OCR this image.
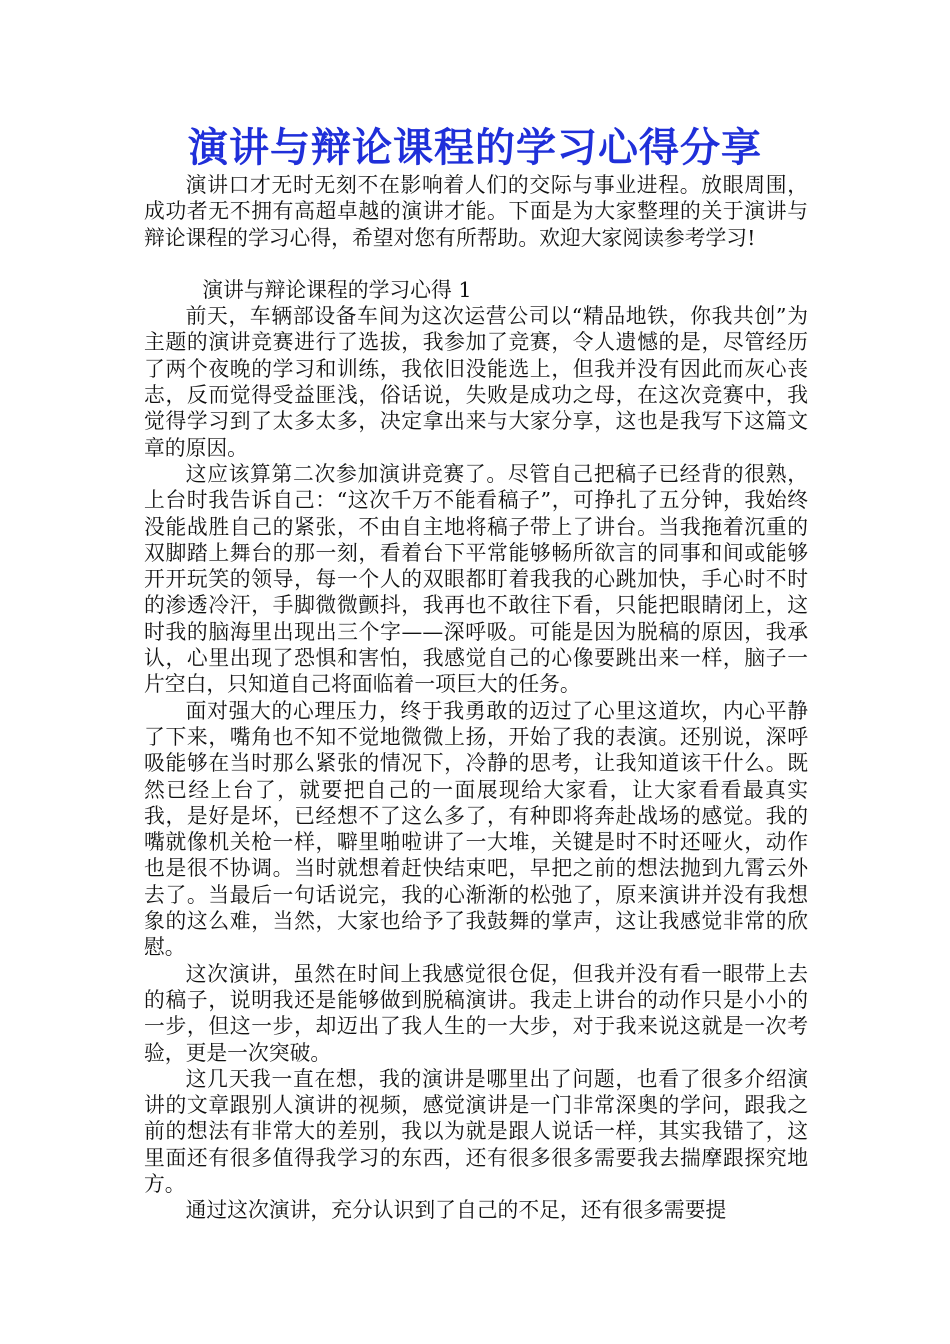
演讲与辩论课程的学习心得分享

演讲口才无时无刻不在影响着人们的交际与事业进程。放眼周围，成功者无不拥有高超卓越的演讲才能。下面是为大家整理的关于演讲与辩论课程的学习心得，希望对您有所帮助。欢迎大家阅读参考学习!

演讲与辩论课程的学习心得 1

前天，车辆部设备车间为这次运营公司以“精品地铁，你我共创”为主题的演讲竞赛进行了选拔，我参加了竞赛，令人遗憾的是，尽管经历了两个夜晚的学习和训练，我依旧没能选上，但我并没有因此而灰心丧志，反而觉得受益匪浅，俗话说，失败是成功之母，在这次竞赛中，我觉得学习到了太多太多，决定拿出来与大家分享，这也是我写下这篇文章的原因。

这应该算第二次参加演讲竞赛了。尽管自己把稿子已经背的很熟，上台时我告诉自己：“这次千万不能看稿子”，可挣扎了五分钟，我始终没能战胜自己的紧张，不由自主地将稿子带上了讲台。当我拖着沉重的双脚踏上舞台的那一刻，看着台下平常能够畅所欲言的同事和间或能够开开玩笑的领导，每一个人的双眼都盯着我我的心跳加快，手心时不时的渗透冷汗，手脚微微颤抖，我再也不敢往下看，只能把眼睛闭上，这时我的脑海里出现出三个字——深呼吸。可能是因为脱稿的原因，我承认，心里出现了恐惧和害怕，我感觉自己的心像要跳出来一样，脑子一片空白，只知道自己将面临着一项巨大的任务。

面对强大的心理压力，终于我勇敢的迈过了心里这道坎，内心平静了下来，嘴角也不知不觉地微微上扬，开始了我的表演。还别说，深呼吸能够在当时那么紧张的情况下，冷静的思考，让我知道该干什么。既然已经上台了，就要把自己的一面展现给大家看，让大家看看最真实我，是好是坏，已经想不了这么多了，有种即将奔赴战场的感觉。我的嘴就像机关枪一样，噼里啪啦讲了一大堆，关键是时不时还哑火，动作也是很不协调。当时就想着赶快结束吧，早把之前的想法抛到九霄云外去了。当最后一句话说完，我的心渐渐的松弛了，原来演讲并没有我想象的这么难，当然，大家也给予了我鼓舞的掌声，这让我感觉非常的欣慰。

这次演讲，虽然在时间上我感觉很仓促，但我并没有看一眼带上去的稿子，说明我还是能够做到脱稿演讲。我走上讲台的动作只是小小的一步，但这一步，却迈出了我人生的一大步，对于我来说这就是一次考验，更是一次突破。

这几天我一直在想，我的演讲是哪里出了问题，也看了很多介绍演讲的文章跟别人演讲的视频，感觉演讲是一门非常深奥的学问，跟我之前的想法有非常大的差别，我以为就是跟人说话一样，其实我错了，这里面还有很多值得我学习的东西，还有很多很多需要我去揣摩跟探究地方。

通过这次演讲，充分认识到了自己的不足，还有很多需要提
